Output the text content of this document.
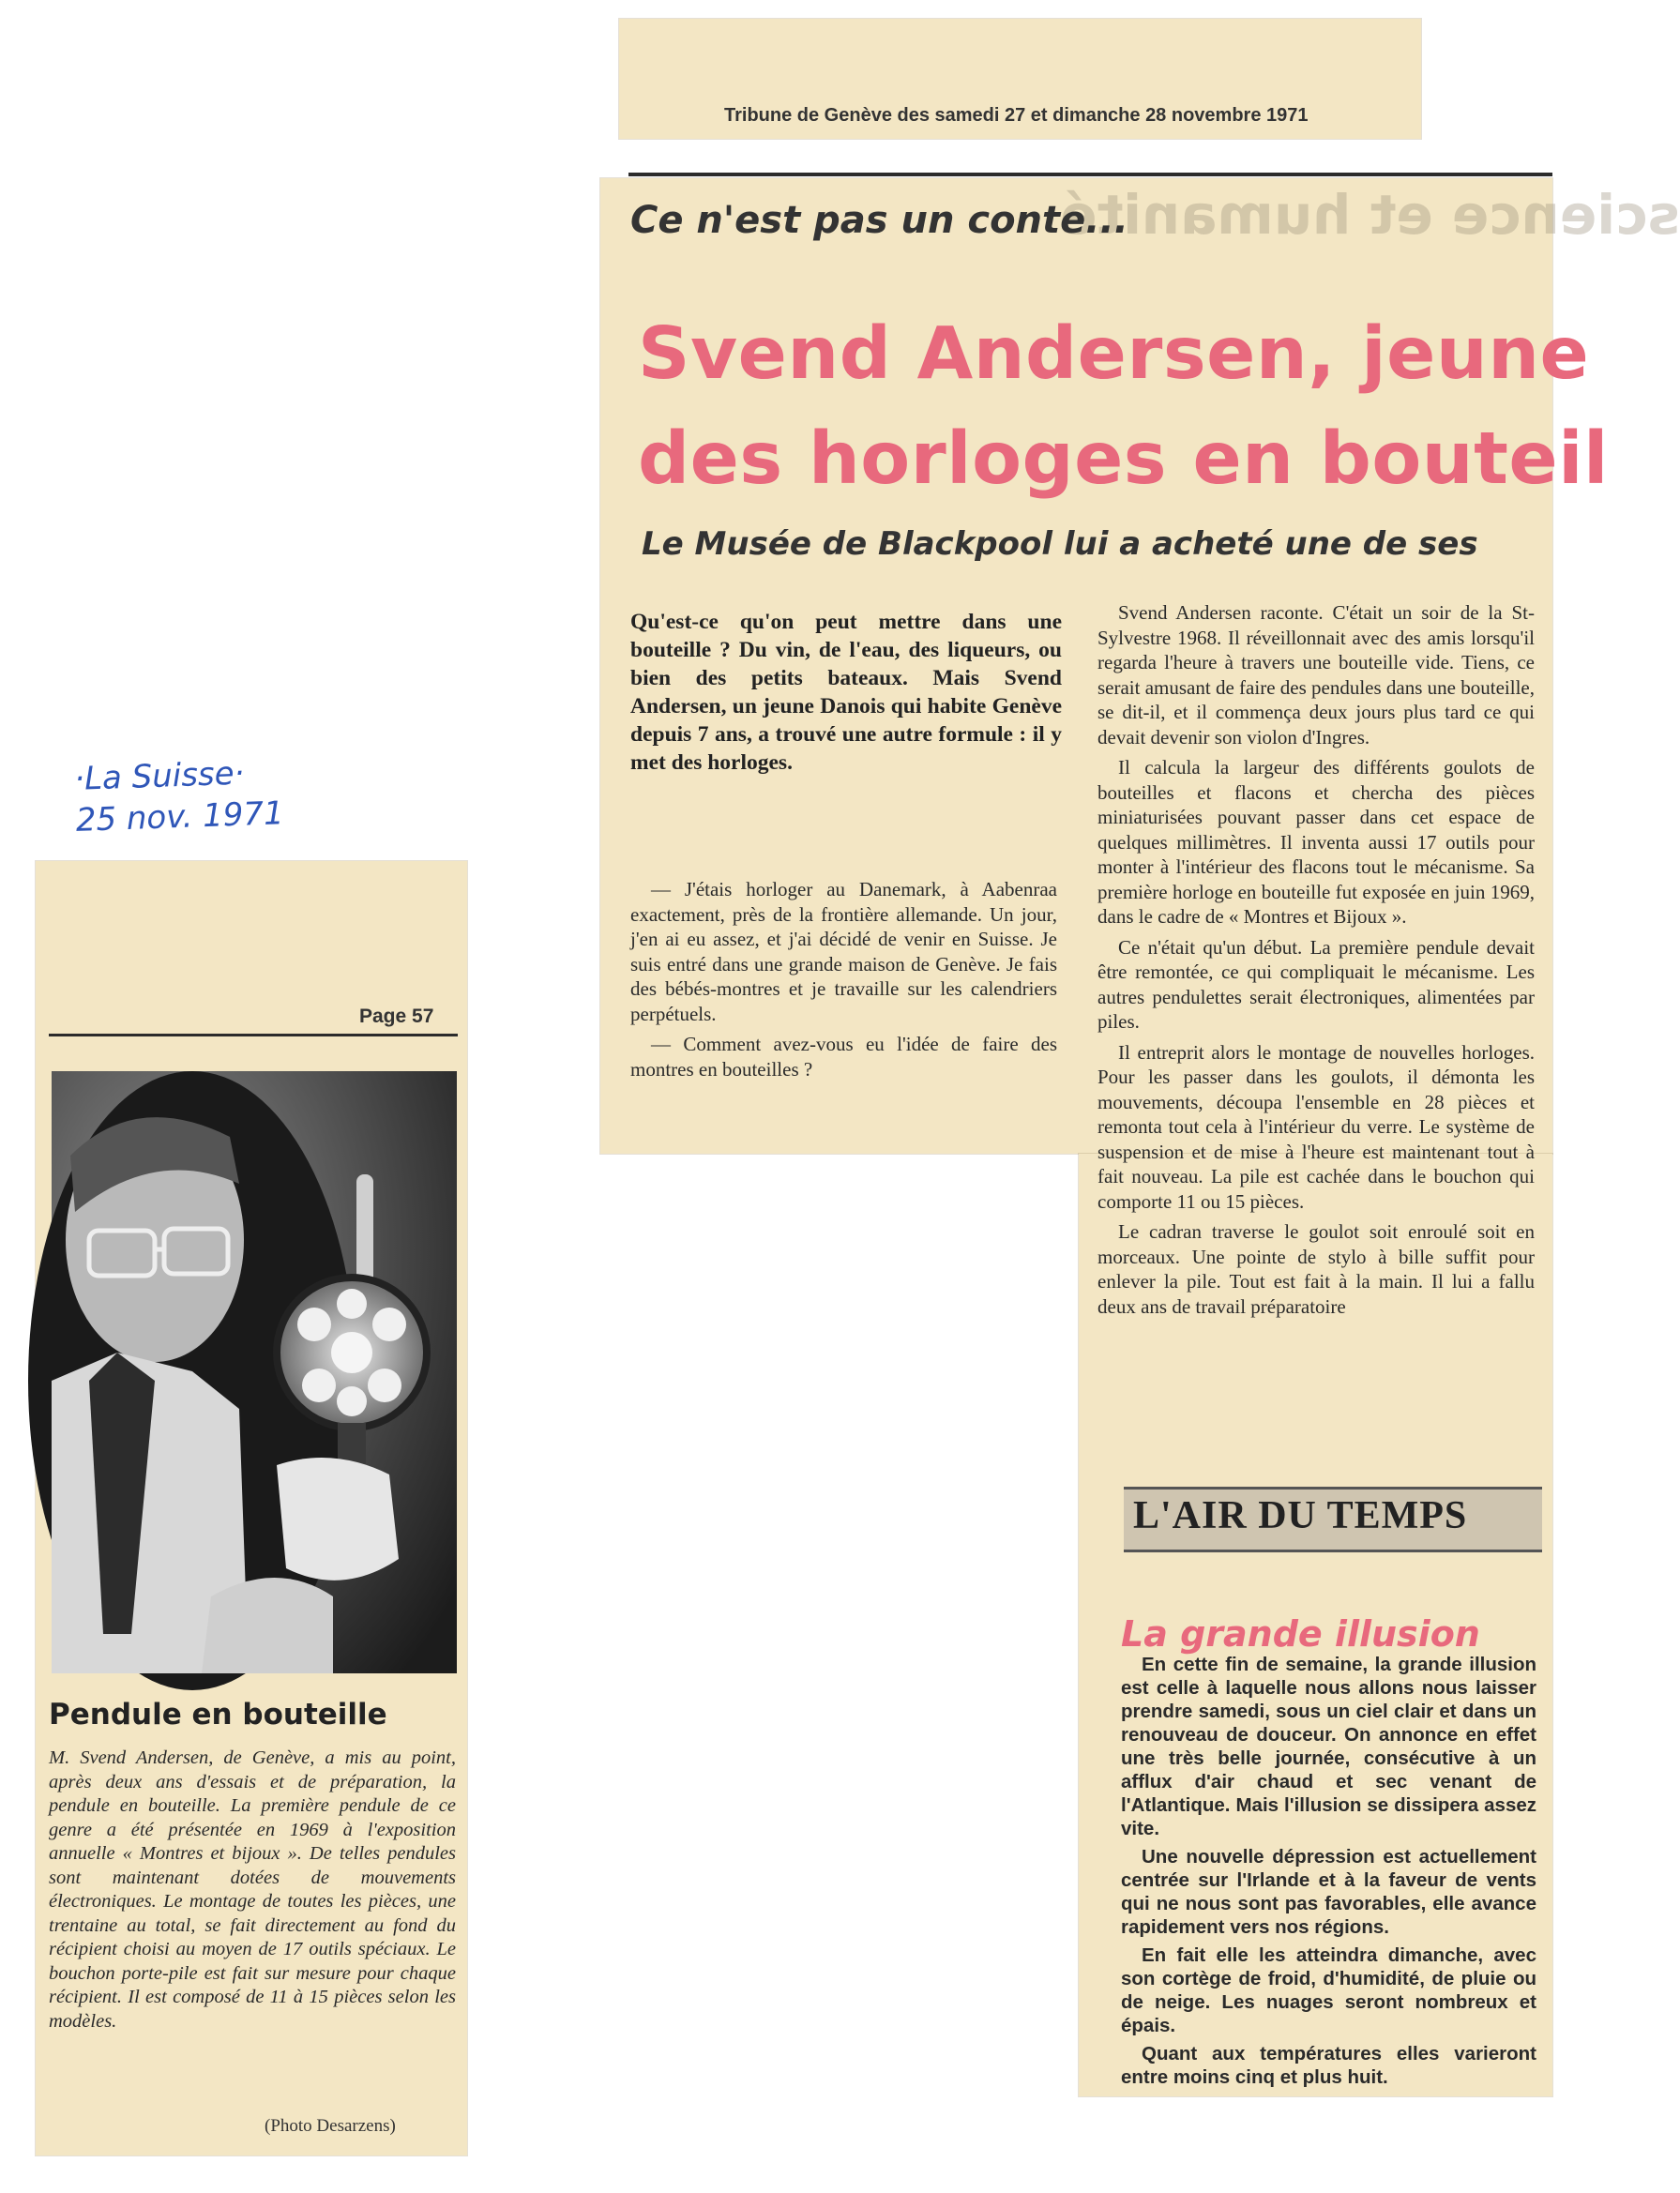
Tribune de Genève des samedi 27 et dimanche 28 novembre 1971
science et humanité
Ce n'est pas un conte...
Svend Andersen, jeune
des horloges en bouteil
Le Musée de Blackpool lui a acheté une de ses
Qu'est-ce qu'on peut mettre dans une bouteille ? Du vin, de l'eau, des liqueurs, ou bien des petits bateaux. Mais Svend Andersen, un jeune Danois qui habite Genève depuis 7 ans, a trouvé une autre formule : il y met des horloges.

— J'étais horloger au Danemark, à Aabenraa exactement, près de la frontière allemande. Un jour, j'en ai eu assez, et j'ai décidé de venir en Suisse. Je suis entré dans une grande maison de Genève. Je fais des bébés-montres et je travaille sur les calendriers perpétuels.

— Comment avez-vous eu l'idée de faire des montres en bouteilles ?

Svend Andersen raconte. C'était un soir de la St-Sylvestre 1968. Il réveillonnait avec des amis lorsqu'il regarda l'heure à travers une bouteille vide. Tiens, ce serait amusant de faire des pendules dans une bouteille, se dit-il, et il commença deux jours plus tard ce qui devait devenir son violon d'Ingres.

Il calcula la largeur des différents goulots de bouteilles et flacons et chercha des pièces miniaturisées pouvant passer dans cet espace de quelques millimètres. Il inventa aussi 17 outils pour monter à l'intérieur des flacons tout le mécanisme. Sa première horloge en bouteille fut exposée en juin 1969, dans le cadre de « Montres et Bijoux ».

Ce n'était qu'un début. La première pendule devait être remontée, ce qui compliquait le mécanisme. Les autres pendulettes serait électroniques, alimentées par piles.

Il entreprit alors le montage de nouvelles horloges. Pour les passer dans les goulots, il démonta les mouvements, découpa l'ensemble en 28 pièces et remonta tout cela à l'intérieur du verre. Le système de suspension et de mise à l'heure est maintenant tout à fait nouveau. La pile est cachée dans le bouchon qui comporte 11 ou 15 pièces.

Le cadran traverse le goulot soit enroulé soit en morceaux. Une pointe de stylo à bille suffit pour enlever la pile. Tout est fait à la main. Il lui a fallu deux ans de travail préparatoire

L'AIR DU TEMPS
La grande illusion

En cette fin de semaine, la grande illusion est celle à laquelle nous allons nous laisser prendre samedi, sous un ciel clair et dans un renouveau de douceur. On annonce en effet une très belle journée, consécutive à un afflux d'air chaud et sec venant de l'Atlantique. Mais l'illusion se dissipera assez vite.

Une nouvelle dépression est actuellement centrée sur l'Irlande et à la faveur de vents qui ne nous sont pas favorables, elle avance rapidement vers nos régions.

En fait elle les atteindra dimanche, avec son cortège de froid, d'humidité, de pluie ou de neige. Les nuages seront nombreux et épais.

Quant aux températures elles varieront entre moins cinq et plus huit.

·La Suisse·
25 nov. 1971
Page 57
Pendule en bouteille
M. Svend Andersen, de Genève, a mis au point, après deux ans d'essais et de préparation, la pendule en bouteille. La première pendule de ce genre a été présentée en 1969 à l'exposition annuelle « Montres et bijoux ». De telles pendules sont maintenant dotées de mouvements électroniques. Le montage de toutes les pièces, une trentaine au total, se fait directement au fond du récipient choisi au moyen de 17 outils spéciaux. Le bouchon porte-pile est fait sur mesure pour chaque récipient. Il est composé de 11 à 15 pièces selon les modèles.
(Photo Desarzens)
